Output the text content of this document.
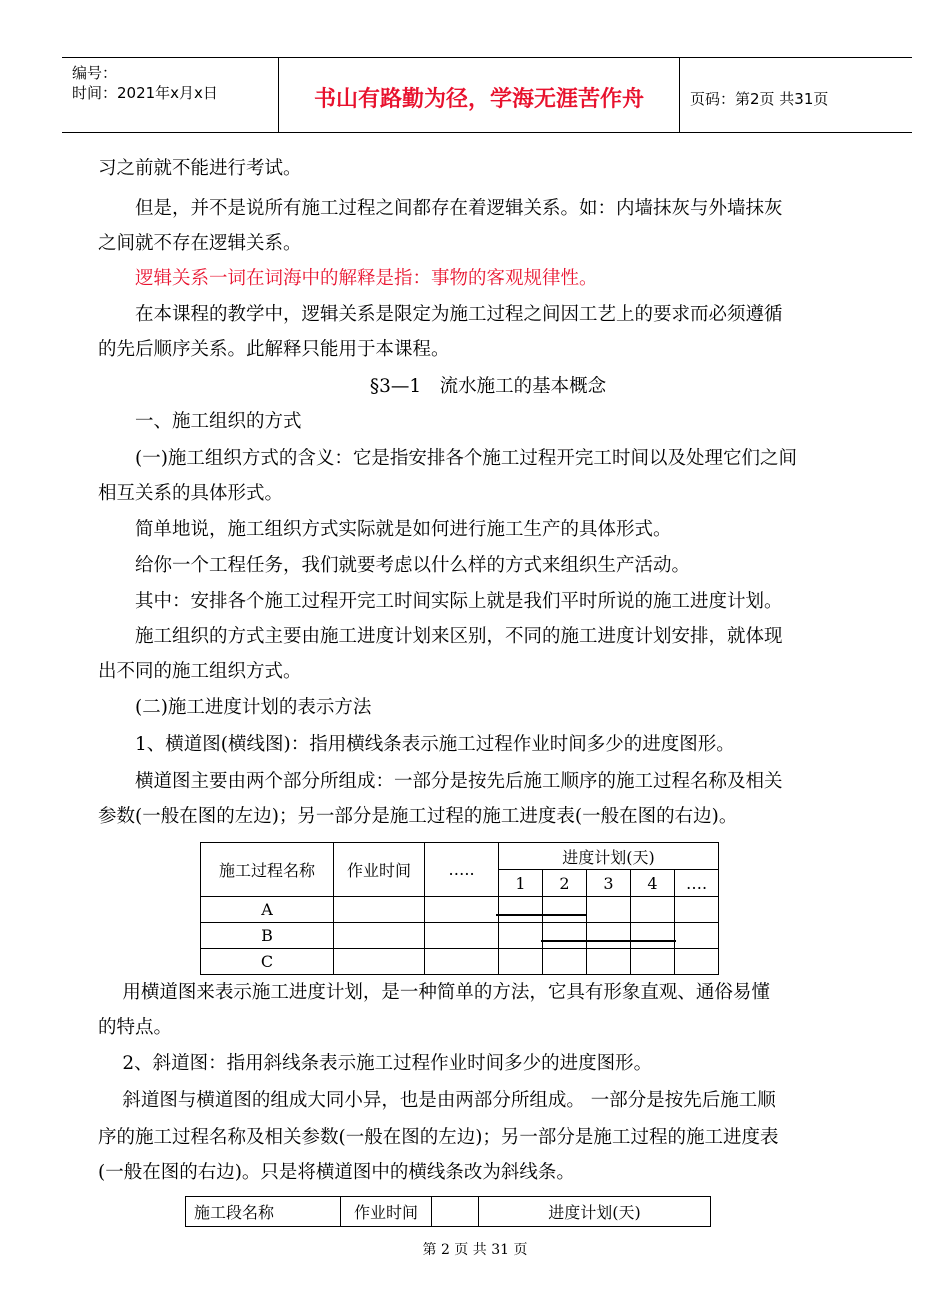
编号：
时间：2021年x月x日	书山有路勤为径，学海无涯苦作舟	页码：第2页 共31页
习之前就不能进行考试。
　　但是，并不是说所有施工过程之间都存在着逻辑关系。如：内墙抹灰与外墙抹灰
之间就不存在逻辑关系。
　　逻辑关系一词在词海中的解释是指：事物的客观规律性。
　　在本课程的教学中，逻辑关系是限定为施工过程之间因工艺上的要求而必须遵循
的先后顺序关系。此解释只能用于本课程。
§3—1　流水施工的基本概念
　　一、施工组织的方式
　　(一)施工组织方式的含义：它是指安排各个施工过程开完工时间以及处理它们之间
相互关系的具体形式。
　　简单地说，施工组织方式实际就是如何进行施工生产的具体形式。
　　给你一个工程任务，我们就要考虑以什么样的方式来组织生产活动。
　　其中：安排各个施工过程开完工时间实际上就是我们平时所说的施工进度计划。
　　施工组织的方式主要由施工进度计划来区别，不同的施工进度计划安排，就体现
出不同的施工组织方式。
　　(二)施工进度计划的表示方法
　　1、横道图(横线图)：指用横线条表示施工过程作业时间多少的进度图形。
　　横道图主要由两个部分所组成：一部分是按先后施工顺序的施工过程名称及相关
参数(一般在图的左边)；另一部分是施工过程的施工进度表(一般在图的右边)。
施工过程名称	作业时间	…..	进度计划(天)				
			1	2	3	4	….
A							
B							
C							
　 用横道图来表示施工进度计划，是一种简单的方法，它具有形象直观、通俗易懂
的特点。
　 2、斜道图：指用斜线条表示施工过程作业时间多少的进度图形。
　 斜道图与横道图的组成大同小异，也是由两部分所组成。 一部分是按先后施工顺
序的施工过程名称及相关参数(一般在图的左边)；另一部分是施工过程的施工进度表
(一般在图的右边)。只是将横道图中的横线条改为斜线条。
施工段名称	作业时间		进度计划(天)
第 2 页 共 31 页
